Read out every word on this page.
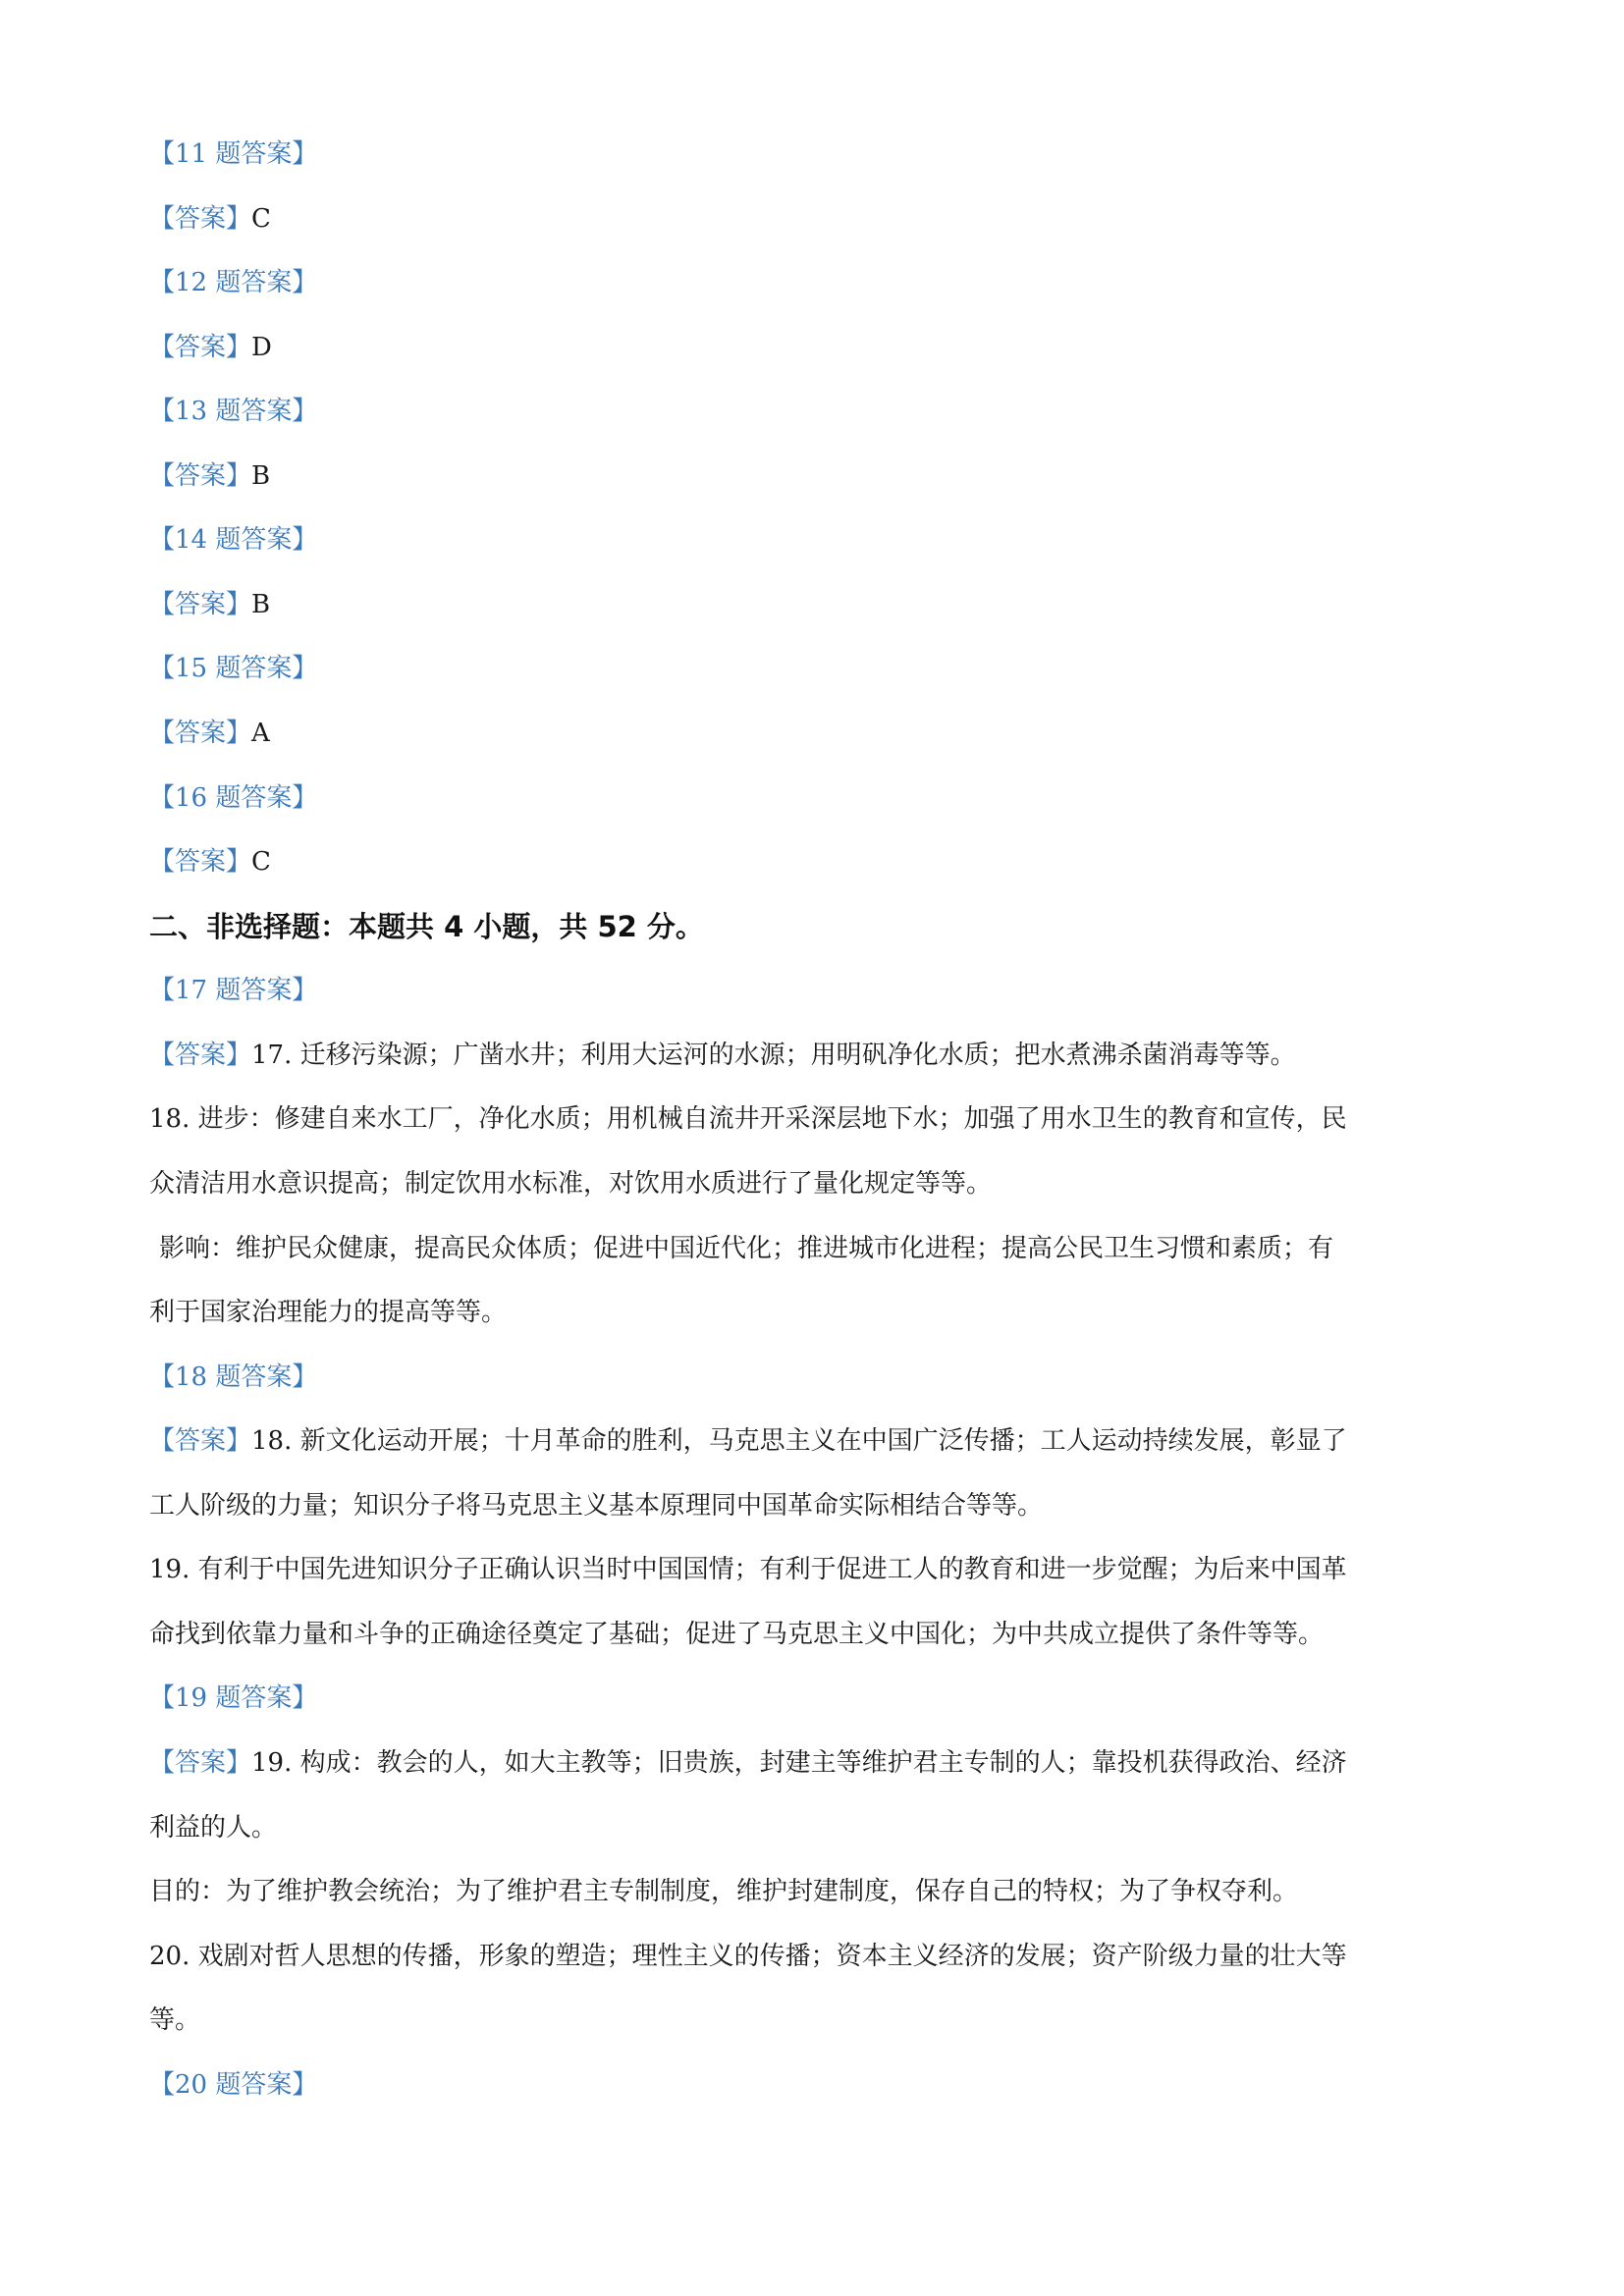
【11 题答案】
【答案】C
【12 题答案】
【答案】D
【13 题答案】
【答案】B
【14 题答案】
【答案】B
【15 题答案】
【答案】A
【16 题答案】
【答案】C
二、非选择题：本题共 4 小题，共 52 分。
【17 题答案】
【答案】17. 迁移污染源；广凿水井；利用大运河的水源；用明矾净化水质；把水煮沸杀菌消毒等等。
18. 进步：修建自来水工厂，净化水质；用机械自流井开采深层地下水；加强了用水卫生的教育和宣传，民
众清洁用水意识提高；制定饮用水标准，对饮用水质进行了量化规定等等。
影响：维护民众健康，提高民众体质；促进中国近代化；推进城市化进程；提高公民卫生习惯和素质；有
利于国家治理能力的提高等等。
【18 题答案】
【答案】18. 新文化运动开展；十月革命的胜利，马克思主义在中国广泛传播；工人运动持续发展，彰显了
工人阶级的力量；知识分子将马克思主义基本原理同中国革命实际相结合等等。
19. 有利于中国先进知识分子正确认识当时中国国情；有利于促进工人的教育和进一步觉醒；为后来中国革
命找到依靠力量和斗争的正确途径奠定了基础；促进了马克思主义中国化；为中共成立提供了条件等等。
【19 题答案】
【答案】19. 构成：教会的人，如大主教等；旧贵族，封建主等维护君主专制的人；靠投机获得政治、经济
利益的人。
目的：为了维护教会统治；为了维护君主专制制度，维护封建制度，保存自己的特权；为了争权夺利。
20. 戏剧对哲人思想的传播，形象的塑造；理性主义的传播；资本主义经济的发展；资产阶级力量的壮大等
等。
【20 题答案】
